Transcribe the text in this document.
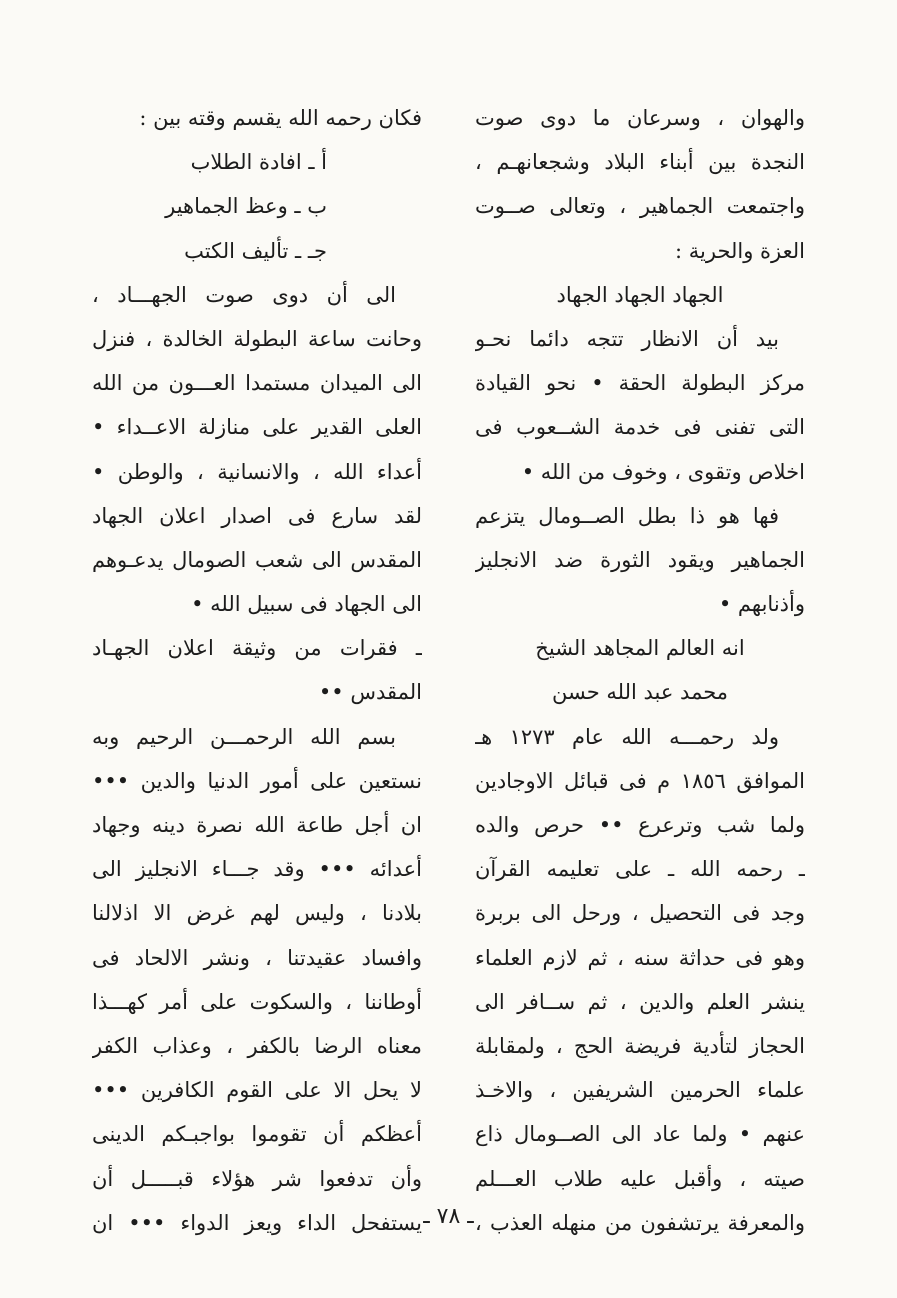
والهوان ، وسرعان ما دوى صوت
النجدة بين أبناء البلاد وشجعانهـم ،
واجتمعت الجماهير ، وتعالى صــوت
العزة والحرية :
الجهاد الجهاد الجهاد
بيد أن الانظار تتجه دائما نحـو
مركز البطولة الحقة • نحو القيادة
التى تفنى فى خدمة الشــعوب فى
اخلاص وتقوى ، وخوف من الله •
فها هو ذا بطل الصــومال يتزعم
الجماهير ويقود الثورة ضد الانجليز
وأذنابهم •
انه العالم المجاهد الشيخ
محمد عبد الله حسن
ولد رحمـــه الله عام ١٢٧٣ هـ
الموافق ١٨٥٦ م فى قبائل الاوجادين
ولما شب وترعرع •• حرص والده
ـ رحمه الله ـ على تعليمه القرآن
وجد فى التحصيل ، ورحل الى بربرة
وهو فى حداثة سنه ، ثم لازم العلماء
ينشر العلم والدين ، ثم ســافر الى
الحجاز لتأدية فريضة الحج ، ولمقابلة
علماء الحرمين الشريفين ، والاخـذ
عنهم • ولما عاد الى الصــومال ذاع
صيته ، وأقبل عليه طلاب العـــلم
والمعرفة يرتشفون من منهله العذب ،
فكان رحمه الله يقسم وقته بين :
أ ـ افادة الطلاب
ب ـ وعظ الجماهير
جـ ـ تأليف الكتب
الى أن دوى صوت الجهـــاد ،
وحانت ساعة البطولة الخالدة ، فنزل
الى الميدان مستمدا العـــون من الله
العلى القدير على منازلة الاعــداء •
أعداء الله ، والانسانية ، والوطن •
لقد سارع فى اصدار اعلان الجهاد
المقدس الى شعب الصومال يدعـوهم
الى الجهاد فى سبيل الله •
ـ فقرات من وثيقة اعلان الجهـاد
المقدس ••
بسم الله الرحمـــن الرحيم وبه
نستعين على أمور الدنيا والدين •••
ان أجل طاعة الله نصرة دينه وجهاد
أعدائه ••• وقد جـــاء الانجليز الى
بلادنا ، وليس لهم غرض الا اذلالنا
وافساد عقيدتنا ، ونشر الالحاد فى
أوطاننا ، والسكوت على أمر كهـــذا
معناه الرضا بالكفر ، وعذاب الكفر
لا يحل الا على القوم الكافرين •••
أعظكم أن تقوموا بواجبـكم الدينى
وأن تدفعوا شر هؤلاء قبـــــل أن
يستفحل الداء ويعز الدواء ••• ان ـ ٧٨ ـ
